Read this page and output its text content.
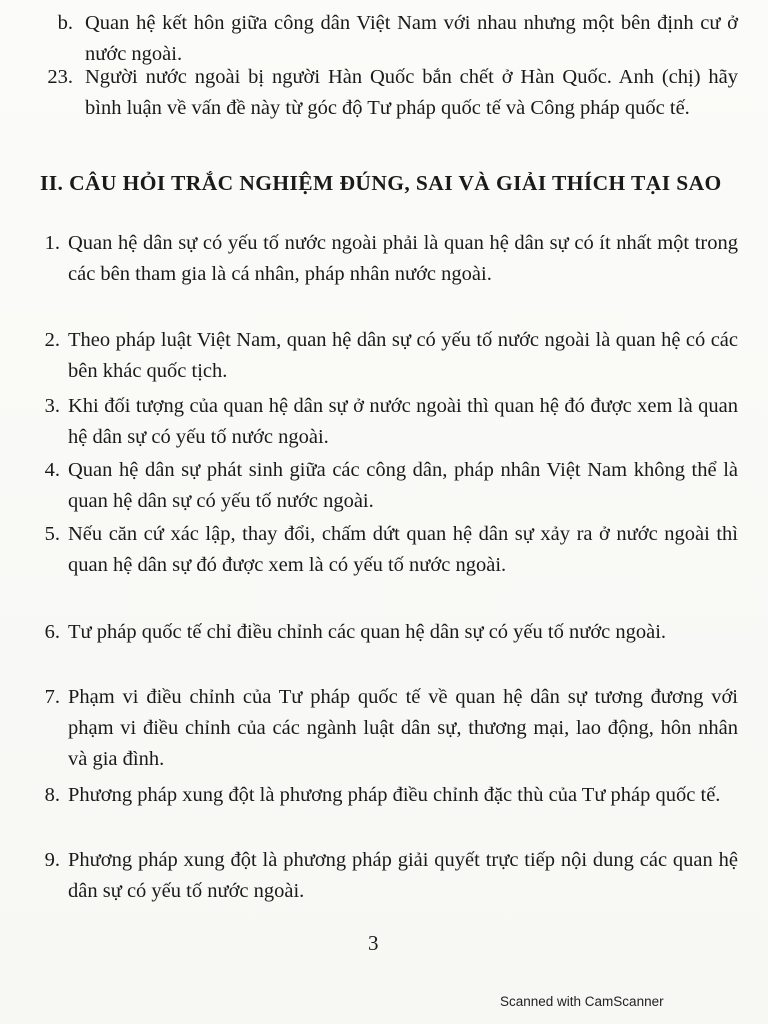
b. Quan hệ kết hôn giữa công dân Việt Nam với nhau nhưng một bên định cư ở nước ngoài.
23. Người nước ngoài bị người Hàn Quốc bắn chết ở Hàn Quốc. Anh (chị) hãy bình luận về vấn đề này từ góc độ Tư pháp quốc tế và Công pháp quốc tế.
II. CÂU HỎI TRẮC NGHIỆM ĐÚNG, SAI VÀ GIẢI THÍCH TẠI SAO
1. Quan hệ dân sự có yếu tố nước ngoài phải là quan hệ dân sự có ít nhất một trong các bên tham gia là cá nhân, pháp nhân nước ngoài.
2. Theo pháp luật Việt Nam, quan hệ dân sự có yếu tố nước ngoài là quan hệ có các bên khác quốc tịch.
3. Khi đối tượng của quan hệ dân sự ở nước ngoài thì quan hệ đó được xem là quan hệ dân sự có yếu tố nước ngoài.
4. Quan hệ dân sự phát sinh giữa các công dân, pháp nhân Việt Nam không thể là quan hệ dân sự có yếu tố nước ngoài.
5. Nếu căn cứ xác lập, thay đổi, chấm dứt quan hệ dân sự xảy ra ở nước ngoài thì quan hệ dân sự đó được xem là có yếu tố nước ngoài.
6. Tư pháp quốc tế chỉ điều chỉnh các quan hệ dân sự có yếu tố nước ngoài.
7. Phạm vi điều chỉnh của Tư pháp quốc tế về quan hệ dân sự tương đương với phạm vi điều chỉnh của các ngành luật dân sự, thương mại, lao động, hôn nhân và gia đình.
8. Phương pháp xung đột là phương pháp điều chỉnh đặc thù của Tư pháp quốc tế.
9. Phương pháp xung đột là phương pháp giải quyết trực tiếp nội dung các quan hệ dân sự có yếu tố nước ngoài.
3
Scanned with CamScanner
